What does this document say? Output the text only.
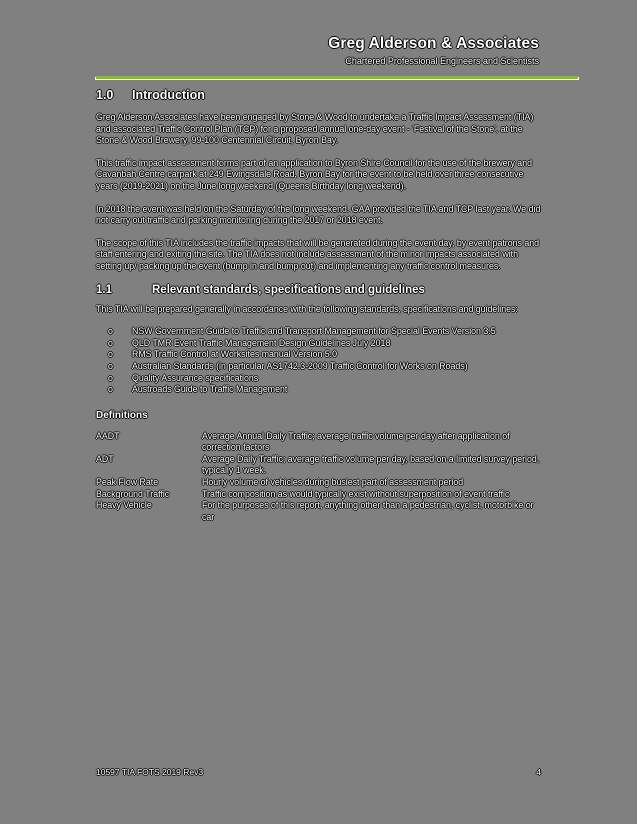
Greg Alderson & Associates
Chartered Professional Engineers and Scientists
1.0	Introduction

Greg Alderson Associates have been engaged by Stone & Wood to undertake a Traffic Impact Assessment (TIA) and associated Traffic Control Plan (TCP) for a proposed annual one-day event - 'Festival of the Stone', at the Stone & Wood Brewery, 99-100 Centennial Circuit, Byron Bay.

This traffic impact assessment forms part of an application to Byron Shire Council for the use of the brewery and Cavanbah Centre carpark at 249 Ewingsdale Road, Byron Bay for the event to be held over three consecutive years (2019-2021) on the June long weekend (Queens Birthday long weekend).

In 2018 the event was held on the Saturday of the long weekend. GAA provided the TIA and TCP last year. We did not carry out traffic and parking monitoring during the 2017 or 2018 event.

The scope of this TIA includes the traffic impacts that will be generated during the event day, by event patrons and staff entering and exiting the site. The TIA does not include assessment of the minor impacts associated with setting up/ packing up the event (bump in and bump out) and implementing any traffic control measures.

1.1	Relevant standards, specifications and guidelines

This TIA will be prepared generally in accordance with the following standards, specifications and guidelines:

o	NSW Government Guide to Traffic and Transport Management for Special Events Version 3.5
o	QLD TMR Event Traffic Management Design Guidelines July 2018
o	RMS Traffic Control at Worksites manual Version 5.0
o	Australian Standards (in particular AS1742.3-2009 Traffic Control for Works on Roads)
o	Quality Assurance specifications
o	Austroads Guide to Traffic Management
Definitions
AADT	Average Annual Daily Traffic; average traffic volume per day after application of correction factors
ADT	Average Daily Traffic; average traffic volume per day, based on a limited survey period, typically 1 week.
Peak Flow Rate	Hourly volume of vehicles during busiest part of assessment period
Background Traffic	Traffic composition as would typically exist without superposition of event traffic
Heavy Vehicle	For the purposes of this report, anything other than a pedestrian, cyclist, motorbike or car
10597 TIA FOTS 2019 Rev3	4
